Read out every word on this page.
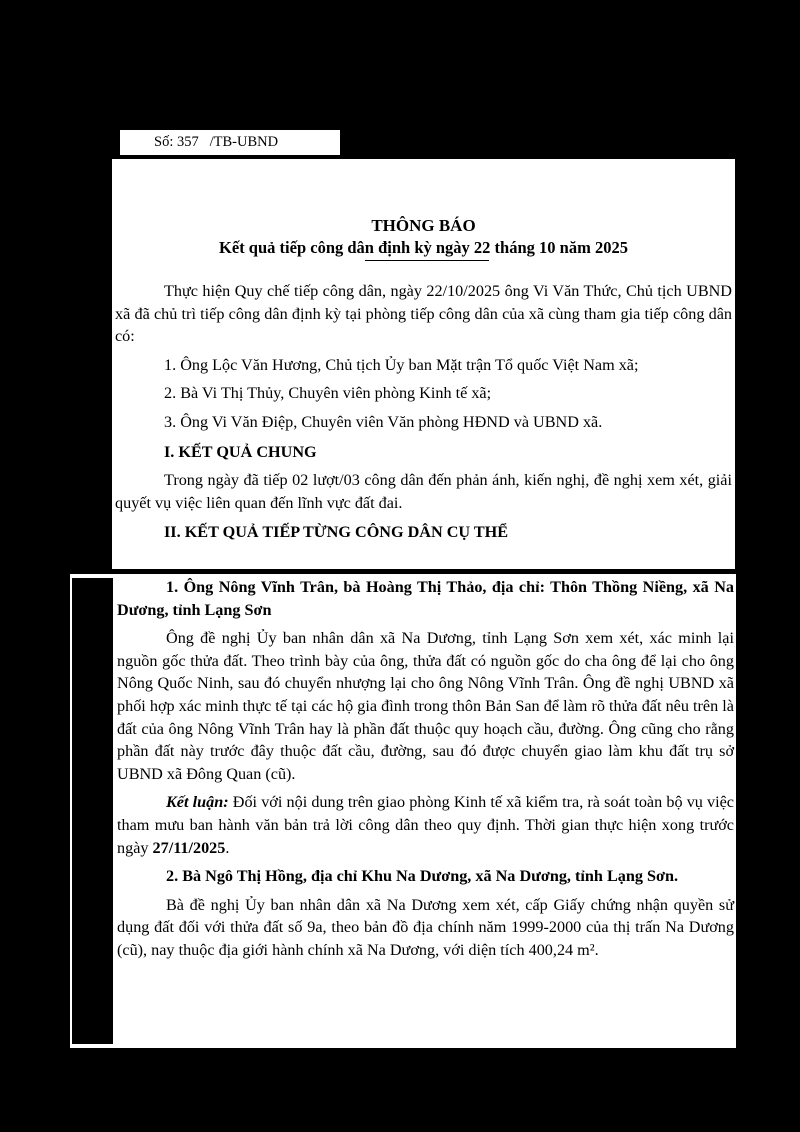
Số: 357   /TB-UBND

THÔNG BÁO

Kết quả tiếp công dân định kỳ ngày 22 tháng 10 năm 2025

Thực hiện Quy chế tiếp công dân, ngày 22/10/2025 ông Vi Văn Thức, Chủ tịch UBND xã đã chủ trì tiếp công dân định kỳ tại phòng tiếp công dân của xã cùng tham gia tiếp công dân có:

1. Ông Lộc Văn Hương, Chủ tịch Ủy ban Mặt trận Tổ quốc Việt Nam xã;

2. Bà Vi Thị Thủy, Chuyên viên phòng Kinh tế xã;

3. Ông Vi Văn Điệp, Chuyên viên Văn phòng HĐND và UBND xã.

I. KẾT QUẢ CHUNG

Trong ngày đã tiếp 02 lượt/03 công dân đến phản ánh, kiến nghị, đề nghị xem xét, giải quyết vụ việc liên quan đến lĩnh vực đất đai.

II. KẾT QUẢ TIẾP TỪNG CÔNG DÂN CỤ THỂ

1. Ông Nông Vĩnh Trân, bà Hoàng Thị Thảo, địa chỉ: Thôn Thồng Niềng, xã Na Dương, tỉnh Lạng Sơn

Ông đề nghị Ủy ban nhân dân xã Na Dương, tỉnh Lạng Sơn xem xét, xác minh lại nguồn gốc thửa đất. Theo trình bày của ông, thửa đất có nguồn gốc do cha ông để lại cho ông Nông Quốc Ninh, sau đó chuyển nhượng lại cho ông Nông Vĩnh Trân. Ông đề nghị UBND xã phối hợp xác minh thực tế tại các hộ gia đình trong thôn Bản San để làm rõ thửa đất nêu trên là đất của ông Nông Vĩnh Trân hay là phần đất thuộc quy hoạch cầu, đường. Ông cũng cho rằng phần đất này trước đây thuộc đất cầu, đường, sau đó được chuyển giao làm khu đất trụ sở UBND xã Đông Quan (cũ).

Kết luận: Đối với nội dung trên giao phòng Kinh tế xã kiểm tra, rà soát toàn bộ vụ việc tham mưu ban hành văn bản trả lời công dân theo quy định. Thời gian thực hiện xong trước ngày 27/11/2025.

2. Bà Ngô Thị Hồng, địa chỉ Khu Na Dương, xã Na Dương, tỉnh Lạng Sơn.

Bà đề nghị Ủy ban nhân dân xã Na Dương xem xét, cấp Giấy chứng nhận quyền sử dụng đất đối với thửa đất số 9a, theo bản đồ địa chính năm 1999-2000 của thị trấn Na Dương (cũ), nay thuộc địa giới hành chính xã Na Dương, với diện tích 400,24 m².
